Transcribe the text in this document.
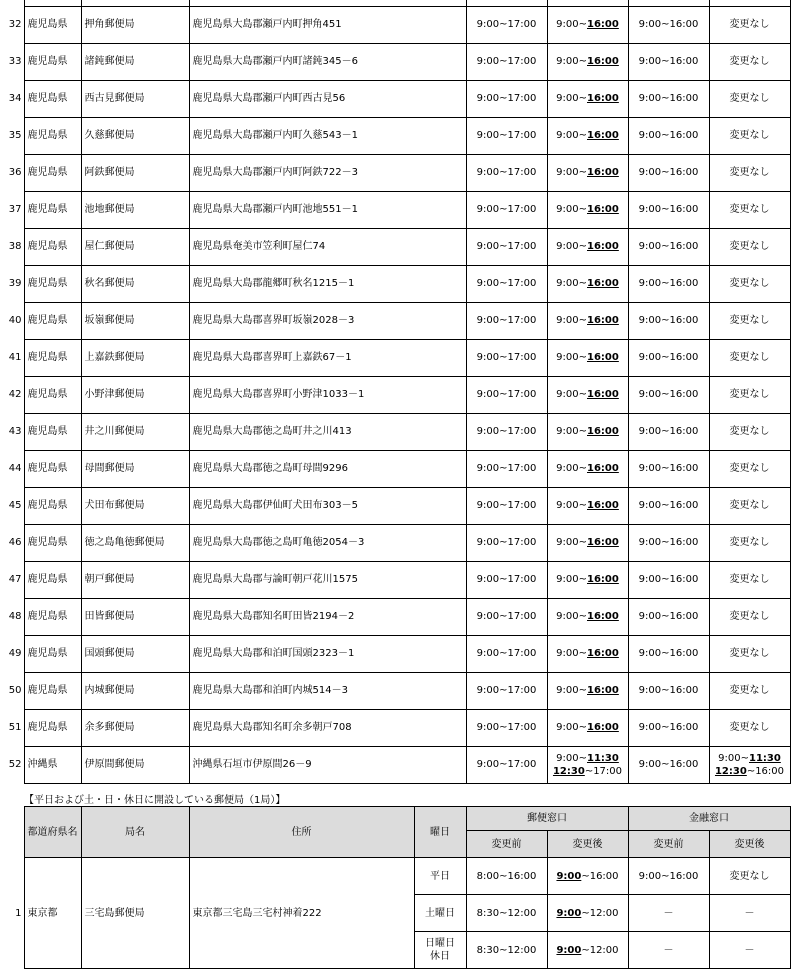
32	鹿児島県	押角郵便局	鹿児島県大島郡瀬戸内町押角451	9:00~17:00	9:00~16:00	9:00~16:00	変更なし
33	鹿児島県	諸鈍郵便局	鹿児島県大島郡瀬戸内町諸鈍345－6	9:00~17:00	9:00~16:00	9:00~16:00	変更なし
34	鹿児島県	西古見郵便局	鹿児島県大島郡瀬戸内町西古見56	9:00~17:00	9:00~16:00	9:00~16:00	変更なし
35	鹿児島県	久慈郵便局	鹿児島県大島郡瀬戸内町久慈543－1	9:00~17:00	9:00~16:00	9:00~16:00	変更なし
36	鹿児島県	阿鉄郵便局	鹿児島県大島郡瀬戸内町阿鉄722－3	9:00~17:00	9:00~16:00	9:00~16:00	変更なし
37	鹿児島県	池地郵便局	鹿児島県大島郡瀬戸内町池地551－1	9:00~17:00	9:00~16:00	9:00~16:00	変更なし
38	鹿児島県	屋仁郵便局	鹿児島県奄美市笠利町屋仁74	9:00~17:00	9:00~16:00	9:00~16:00	変更なし
39	鹿児島県	秋名郵便局	鹿児島県大島郡龍郷町秋名1215－1	9:00~17:00	9:00~16:00	9:00~16:00	変更なし
40	鹿児島県	坂嶺郵便局	鹿児島県大島郡喜界町坂嶺2028－3	9:00~17:00	9:00~16:00	9:00~16:00	変更なし
41	鹿児島県	上嘉鉄郵便局	鹿児島県大島郡喜界町上嘉鉄67－1	9:00~17:00	9:00~16:00	9:00~16:00	変更なし
42	鹿児島県	小野津郵便局	鹿児島県大島郡喜界町小野津1033－1	9:00~17:00	9:00~16:00	9:00~16:00	変更なし
43	鹿児島県	井之川郵便局	鹿児島県大島郡徳之島町井之川413	9:00~17:00	9:00~16:00	9:00~16:00	変更なし
44	鹿児島県	母間郵便局	鹿児島県大島郡徳之島町母間9296	9:00~17:00	9:00~16:00	9:00~16:00	変更なし
45	鹿児島県	犬田布郵便局	鹿児島県大島郡伊仙町犬田布303－5	9:00~17:00	9:00~16:00	9:00~16:00	変更なし
46	鹿児島県	徳之島亀徳郵便局	鹿児島県大島郡徳之島町亀徳2054－3	9:00~17:00	9:00~16:00	9:00~16:00	変更なし
47	鹿児島県	朝戸郵便局	鹿児島県大島郡与論町朝戸花川1575	9:00~17:00	9:00~16:00	9:00~16:00	変更なし
48	鹿児島県	田皆郵便局	鹿児島県大島郡知名町田皆2194－2	9:00~17:00	9:00~16:00	9:00~16:00	変更なし
49	鹿児島県	国頭郵便局	鹿児島県大島郡和泊町国頭2323－1	9:00~17:00	9:00~16:00	9:00~16:00	変更なし
50	鹿児島県	内城郵便局	鹿児島県大島郡和泊町内城514－3	9:00~17:00	9:00~16:00	9:00~16:00	変更なし
51	鹿児島県	余多郵便局	鹿児島県大島郡知名町余多朝戸708	9:00~17:00	9:00~16:00	9:00~16:00	変更なし
52	沖縄県	伊原間郵便局	沖縄県石垣市伊原間26－9	9:00~17:00	9:00~11:30
12:30~17:00	9:00~16:00	9:00~11:30
12:30~16:00
【平日および土・日・休日に開設している郵便局（1局）】
	都道府県名	局名	住所	曜日	郵便窓口		金融窓口	
					変更前	変更後	変更前	変更後
1	東京都	三宅島郵便局	東京都三宅島三宅村神着222	平日	8:00~16:00	9:00~16:00	9:00~16:00	変更なし
				土曜日	8:30~12:00	9:00~12:00	－	－
				日曜日
休日	8:30~12:00	9:00~12:00	－	－
